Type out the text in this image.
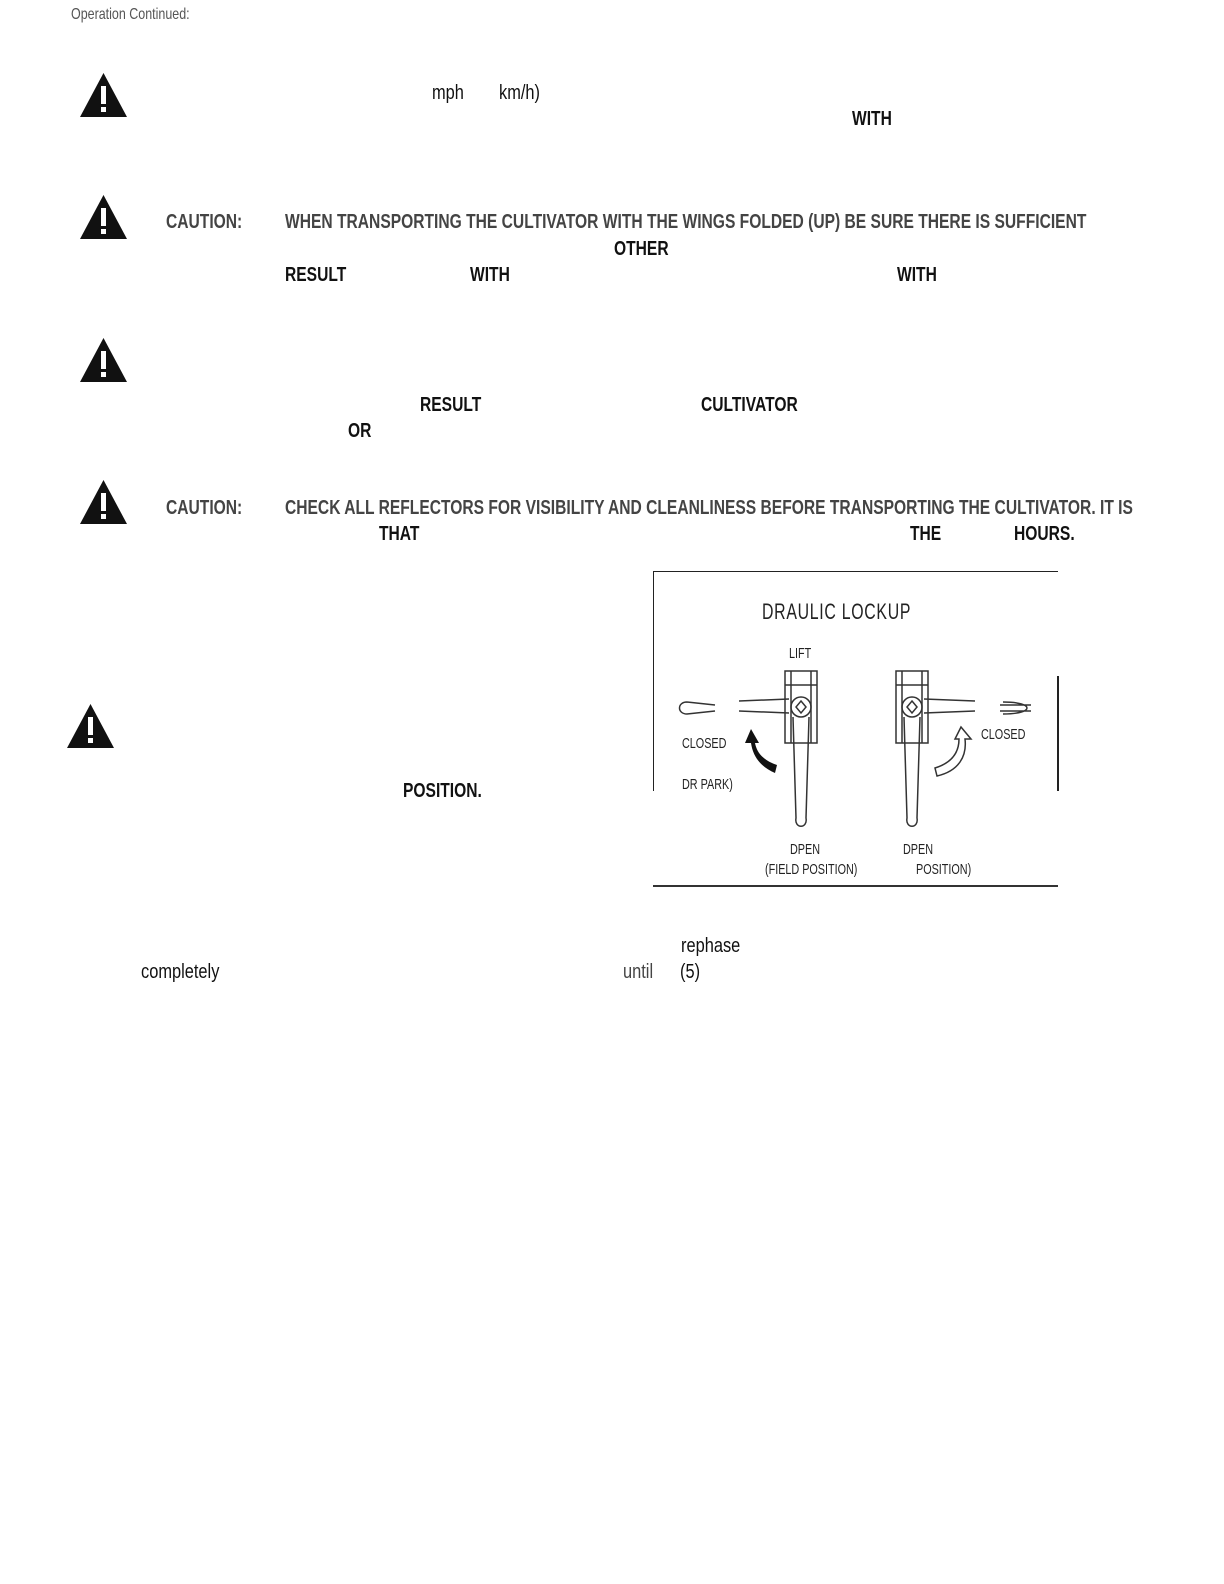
Operation Continued:
mph km/h)
WITH
CAUTION: WHEN TRANSPORTING THE CULTIVATOR WITH THE WINGS FOLDED (UP) BE SURE THERE IS SUFFICIENT
OTHER
RESULT	WITH	WITH
RESULT	CULTIVATOR
OR
CAUTION: CHECK ALL REFLECTORS FOR VISIBILITY AND CLEANLINESS BEFORE TRANSPORTING THE CULTIVATOR. IT IS
THAT	THE	HOURS.
POSITION.
DRAULIC LOCKUP
LIFT
CLOSED
DR PARK)
CLOSED
DPEN
(FIELD POSITION)
DPEN
POSITION)
rephase
completely	until (5)
